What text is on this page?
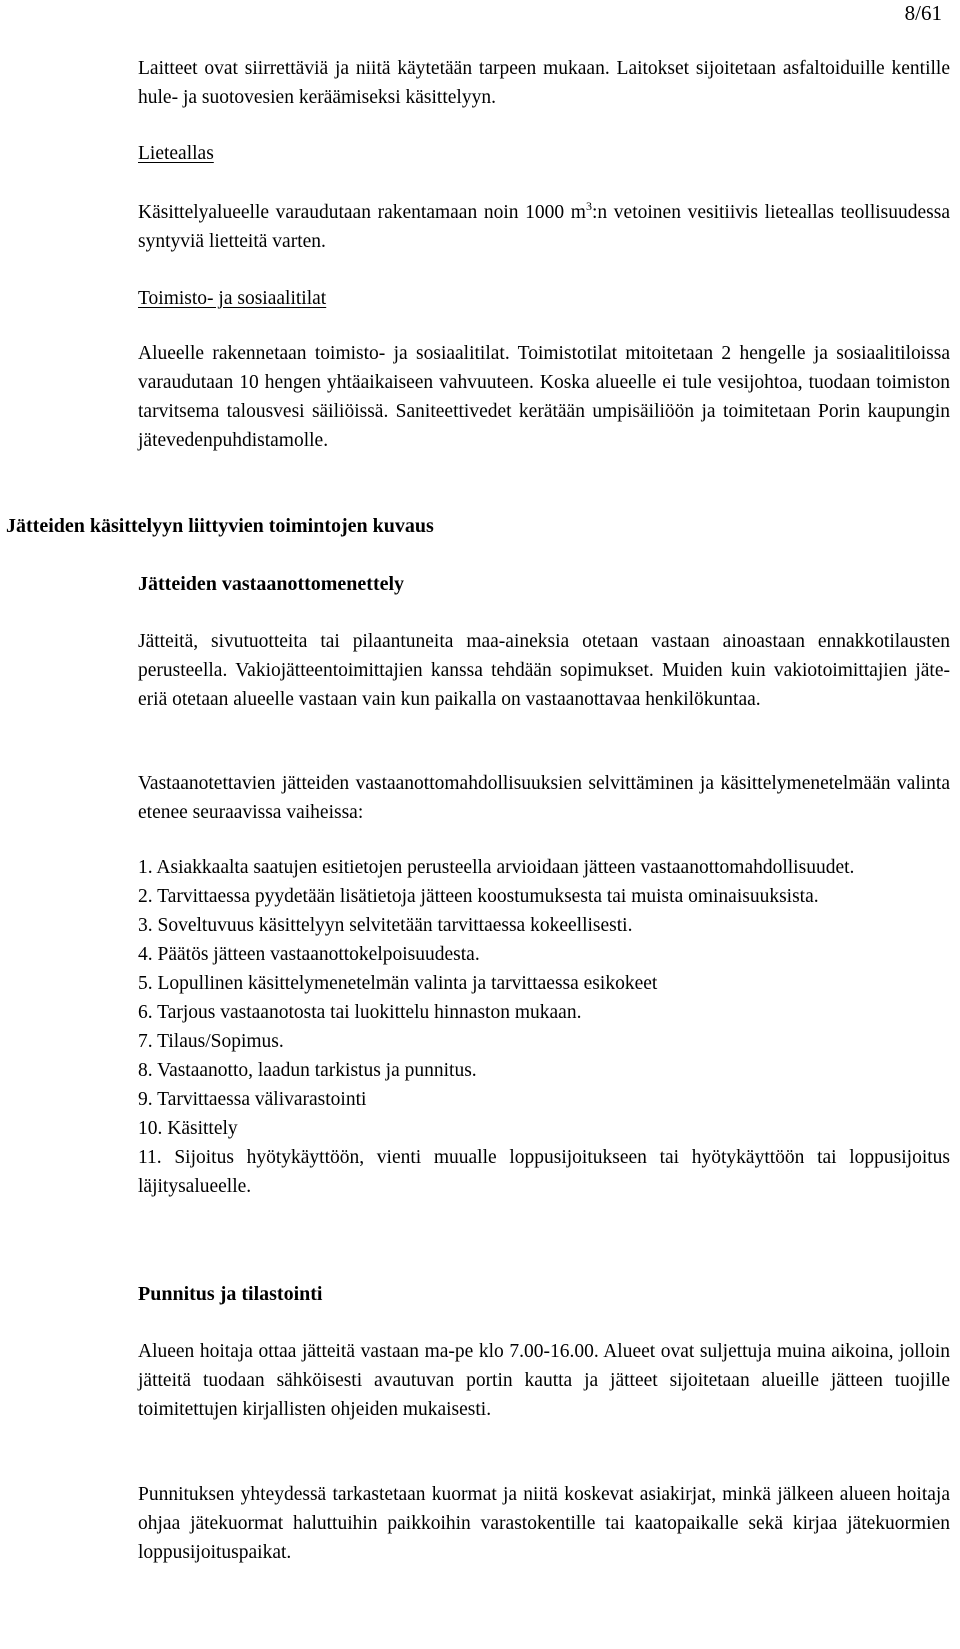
8/61
Laitteet ovat siirrettäviä ja niitä käytetään tarpeen mukaan. Laitokset sijoitetaan asfaltoiduille kentille hule- ja suotovesien keräämiseksi käsittelyyn.
Lieteallas
Käsittelyalueelle varaudutaan rakentamaan noin 1000 $m^3:n$ vetoinen vesitiivis lieteallas teollisuudessa syntyviä lietteitä varten.
Toimisto- ja sosiaalitilat
Alueelle rakennetaan toimisto- ja sosiaalitilat. Toimistotilat mitoitetaan 2 hengelle ja sosiaalitiloissa varaudutaan 10 hengen yhtäaikaiseen vahvuuteen. Koska alueelle ei tule vesijohtoa, tuodaan toimiston tarvitsema talousvesi säiliöissä. Saniteettivedet kerätään umpisäiliöön ja toimitetaan Porin kaupungin jätevedenpuhdistamolle.
Jätteiden käsittelyyn liittyvien toimintojen kuvaus
Jätteiden vastaanottomenettely
Jätteitä, sivutuotteita tai pilaantuneita maa-aineksia otetaan vastaan ainoastaan ennakkotilausten perusteella. Vakiojätteentoimittajien kanssa tehdään sopimukset. Muiden kuin vakiotoimittajien jäte-eriä otetaan alueelle vastaan vain kun paikalla on vastaanottavaa henkilökuntaa.
Vastaanotettavien jätteiden vastaanottomahdollisuuksien selvittäminen ja käsittelymenetelmään valinta etenee seuraavissa vaiheissa:
1. Asiakkaalta saatujen esitietojen perusteella arvioidaan jätteen vastaanottomahdollisuudet.
2. Tarvittaessa pyydetään lisätietoja jätteen koostumuksesta tai muista ominaisuuksista.
3. Soveltuvuus käsittelyyn selvitetään tarvittaessa kokeellisesti.
4. Päätös jätteen vastaanottokelpoisuudesta.
5. Lopullinen käsittelymenetelmän valinta ja tarvittaessa esikokeet
6. Tarjous vastaanotosta tai luokittelu hinnaston mukaan.
7. Tilaus/Sopimus.
8. Vastaanotto, laadun tarkistus ja punnitus.
9. Tarvittaessa välivarastointi
10. Käsittely
11. Sijoitus hyötykäyttöön, vienti muualle loppusijoitukseen tai hyötykäyttöön tai loppusijoitus läjitysalueelle.
Punnitus ja tilastointi
Alueen hoitaja ottaa jätteitä vastaan ma-pe klo 7.00-16.00. Alueet ovat suljettuja muina aikoina, jolloin jätteitä tuodaan sähköisesti avautuvan portin kautta ja jätteet sijoitetaan alueille jätteen tuojille toimitettujen kirjallisten ohjeiden mukaisesti.
Punnituksen yhteydessä tarkastetaan kuormat ja niitä koskevat asiakirjat, minkä jälkeen alueen hoitaja ohjaa jätekuormat haluttuihin paikkoihin varastokentille tai kaatopaikalle sekä kirjaa jätekuormien loppusijoituspaikat.
